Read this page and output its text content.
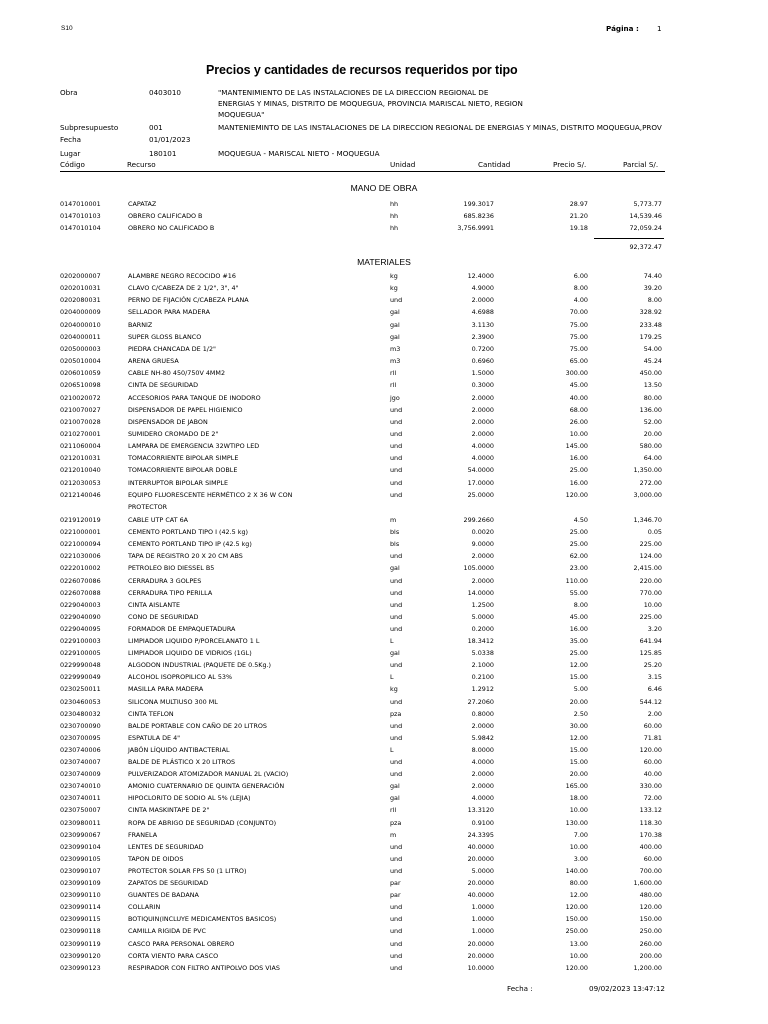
S10	Página :	1
Precios y cantidades de recursos requeridos por tipo
Obra	0403010	"MANTENIMIENTO DE LAS INSTALACIONES DE LA DIRECCION REGIONAL DE
ENERGIAS Y MINAS, DISTRITO DE MOQUEGUA, PROVINCIA MARISCAL NIETO, REGION
MOQUEGUA"
Subpresupuesto	001	MANTENIEMINTO DE LAS INSTALACIONES DE LA DIRECCION REGIONAL DE ENERGIAS Y MINAS, DISTRITO MOQUEGUA,PROV
Fecha	01/01/2023
Lugar	180101	MOQUEGUA - MARISCAL NIETO - MOQUEGUA
Código	Recurso	Unidad	Cantidad	Precio S/.	Parcial S/.
MANO DE OBRA
0147010001	CAPATAZ	hh	199.3017	28.97	5,773.77
0147010103	OBRERO CALIFICADO B	hh	685.8236	21.20	14,539.46
0147010104	OBRERO NO CALIFICADO B	hh	3,756.9991	19.18	72,059.24
92,372.47
MATERIALES
0202000007	ALAMBRE NEGRO RECOCIDO #16	kg	12.4000	6.00	74.40
0202010031	CLAVO C/CABEZA DE 2 1/2", 3", 4"	kg	4.9000	8.00	39.20
0202080031	PERNO DE FIJACIÓN C/CABEZA PLANA	und	2.0000	4.00	8.00
0204000009	SELLADOR PARA MADERA	gal	4.6988	70.00	328.92
0204000010	BARNIZ	gal	3.1130	75.00	233.48
0204000011	SUPER GLOSS BLANCO	gal	2.3900	75.00	179.25
0205000003	PIEDRA CHANCADA DE 1/2"	m3	0.7200	75.00	54.00
0205010004	ARENA GRUESA	m3	0.6960	65.00	45.24
0206010059	CABLE NH-80 450/750V 4MM2	rll	1.5000	300.00	450.00
0206510098	CINTA DE SEGURIDAD	rll	0.3000	45.00	13.50
0210020072	ACCESORIOS PARA TANQUE DE INODORO	jgo	2.0000	40.00	80.00
0210070027	DISPENSADOR DE PAPEL HIGIENICO	und	2.0000	68.00	136.00
0210070028	DISPENSADOR DE JABON	und	2.0000	26.00	52.00
0210270001	SUMIDERO CROMADO DE 2"	und	2.0000	10.00	20.00
0211060004	LAMPARA DE EMERGENCIA 32WTIPO LED	und	4.0000	145.00	580.00
0212010031	TOMACORRIENTE BIPOLAR SIMPLE	und	4.0000	16.00	64.00
0212010040	TOMACORRIENTE BIPOLAR DOBLE	und	54.0000	25.00	1,350.00
0212030053	INTERRUPTOR BIPOLAR SIMPLE	und	17.0000	16.00	272.00
0212140046	EQUIPO FLUORESCENTE HERMÉTICO 2 X 36 W CON	und	25.0000	120.00	3,000.00
PROTECTOR
0219120019	CABLE UTP CAT 6A	m	299.2660	4.50	1,346.70
0221000001	CEMENTO PORTLAND TIPO I (42.5 kg)	bls	0.0020	25.00	0.05
0221000094	CEMENTO PORTLAND TIPO IP (42.5 kg)	bls	9.0000	25.00	225.00
0221030006	TAPA DE REGISTRO 20 X 20 CM ABS	und	2.0000	62.00	124.00
0222010002	PETROLEO BIO DIESSEL B5	gal	105.0000	23.00	2,415.00
0226070086	CERRADURA 3 GOLPES	und	2.0000	110.00	220.00
0226070088	CERRADURA TIPO PERILLA	und	14.0000	55.00	770.00
0229040003	CINTA AISLANTE	und	1.2500	8.00	10.00
0229040090	CONO DE SEGURIDAD	und	5.0000	45.00	225.00
0229040095	FORMADOR DE EMPAQUETADURA	und	0.2000	16.00	3.20
0229100003	LIMPIADOR LIQUIDO P/PORCELANATO 1 L	L	18.3412	35.00	641.94
0229100005	LIMPIADOR LIQUIDO DE VIDRIOS (1GL)	gal	5.0338	25.00	125.85
0229990048	ALGODON INDUSTRIAL (PAQUETE DE 0.5Kg.)	und	2.1000	12.00	25.20
0229990049	ALCOHOL ISOPROPILICO AL 53%	L	0.2100	15.00	3.15
0230250011	MASILLA PARA MADERA	kg	1.2912	5.00	6.46
0230460053	SILICONA MULTIUSO 300 ML	und	27.2060	20.00	544.12
0230480032	CINTA TEFLON	pza	0.8000	2.50	2.00
0230700090	BALDE PORTABLE CON CAÑO DE 20 LITROS	und	2.0000	30.00	60.00
0230700095	ESPATULA DE 4"	und	5.9842	12.00	71.81
0230740006	JABÓN LÍQUIDO ANTIBACTERIAL	L	8.0000	15.00	120.00
0230740007	BALDE DE PLÁSTICO X 20 LITROS	und	4.0000	15.00	60.00
0230740009	PULVERIZADOR ATOMIZADOR MANUAL 2L (VACIO)	und	2.0000	20.00	40.00
0230740010	AMONIO CUATERNARIO DE QUINTA GENERACIÓN	gal	2.0000	165.00	330.00
0230740011	HIPOCLORITO DE SODIO AL 5% (LEJIA)	gal	4.0000	18.00	72.00
0230750007	CINTA MASKINTAPE DE 2"	rll	13.3120	10.00	133.12
0230980011	ROPA DE ABRIGO DE SEGURIDAD (CONJUNTO)	pza	0.9100	130.00	118.30
0230990067	FRANELA	m	24.3395	7.00	170.38
0230990104	LENTES DE SEGURIDAD	und	40.0000	10.00	400.00
0230990105	TAPON DE OIDOS	und	20.0000	3.00	60.00
0230990107	PROTECTOR SOLAR FPS 50 (1 LITRO)	und	5.0000	140.00	700.00
0230990109	ZAPATOS DE SEGURIDAD	par	20.0000	80.00	1,600.00
0230990110	GUANTES DE BADANA	par	40.0000	12.00	480.00
0230990114	COLLARIN	und	1.0000	120.00	120.00
0230990115	BOTIQUIN(INCLUYE MEDICAMENTOS BASICOS)	und	1.0000	150.00	150.00
0230990118	CAMILLA RIGIDA DE PVC	und	1.0000	250.00	250.00
0230990119	CASCO PARA PERSONAL OBRERO	und	20.0000	13.00	260.00
0230990120	CORTA VIENTO PARA CASCO	und	20.0000	10.00	200.00
0230990123	RESPIRADOR CON FILTRO ANTIPOLVO DOS VIAS	und	10.0000	120.00	1,200.00
Fecha :	09/02/2023 13:47:12
